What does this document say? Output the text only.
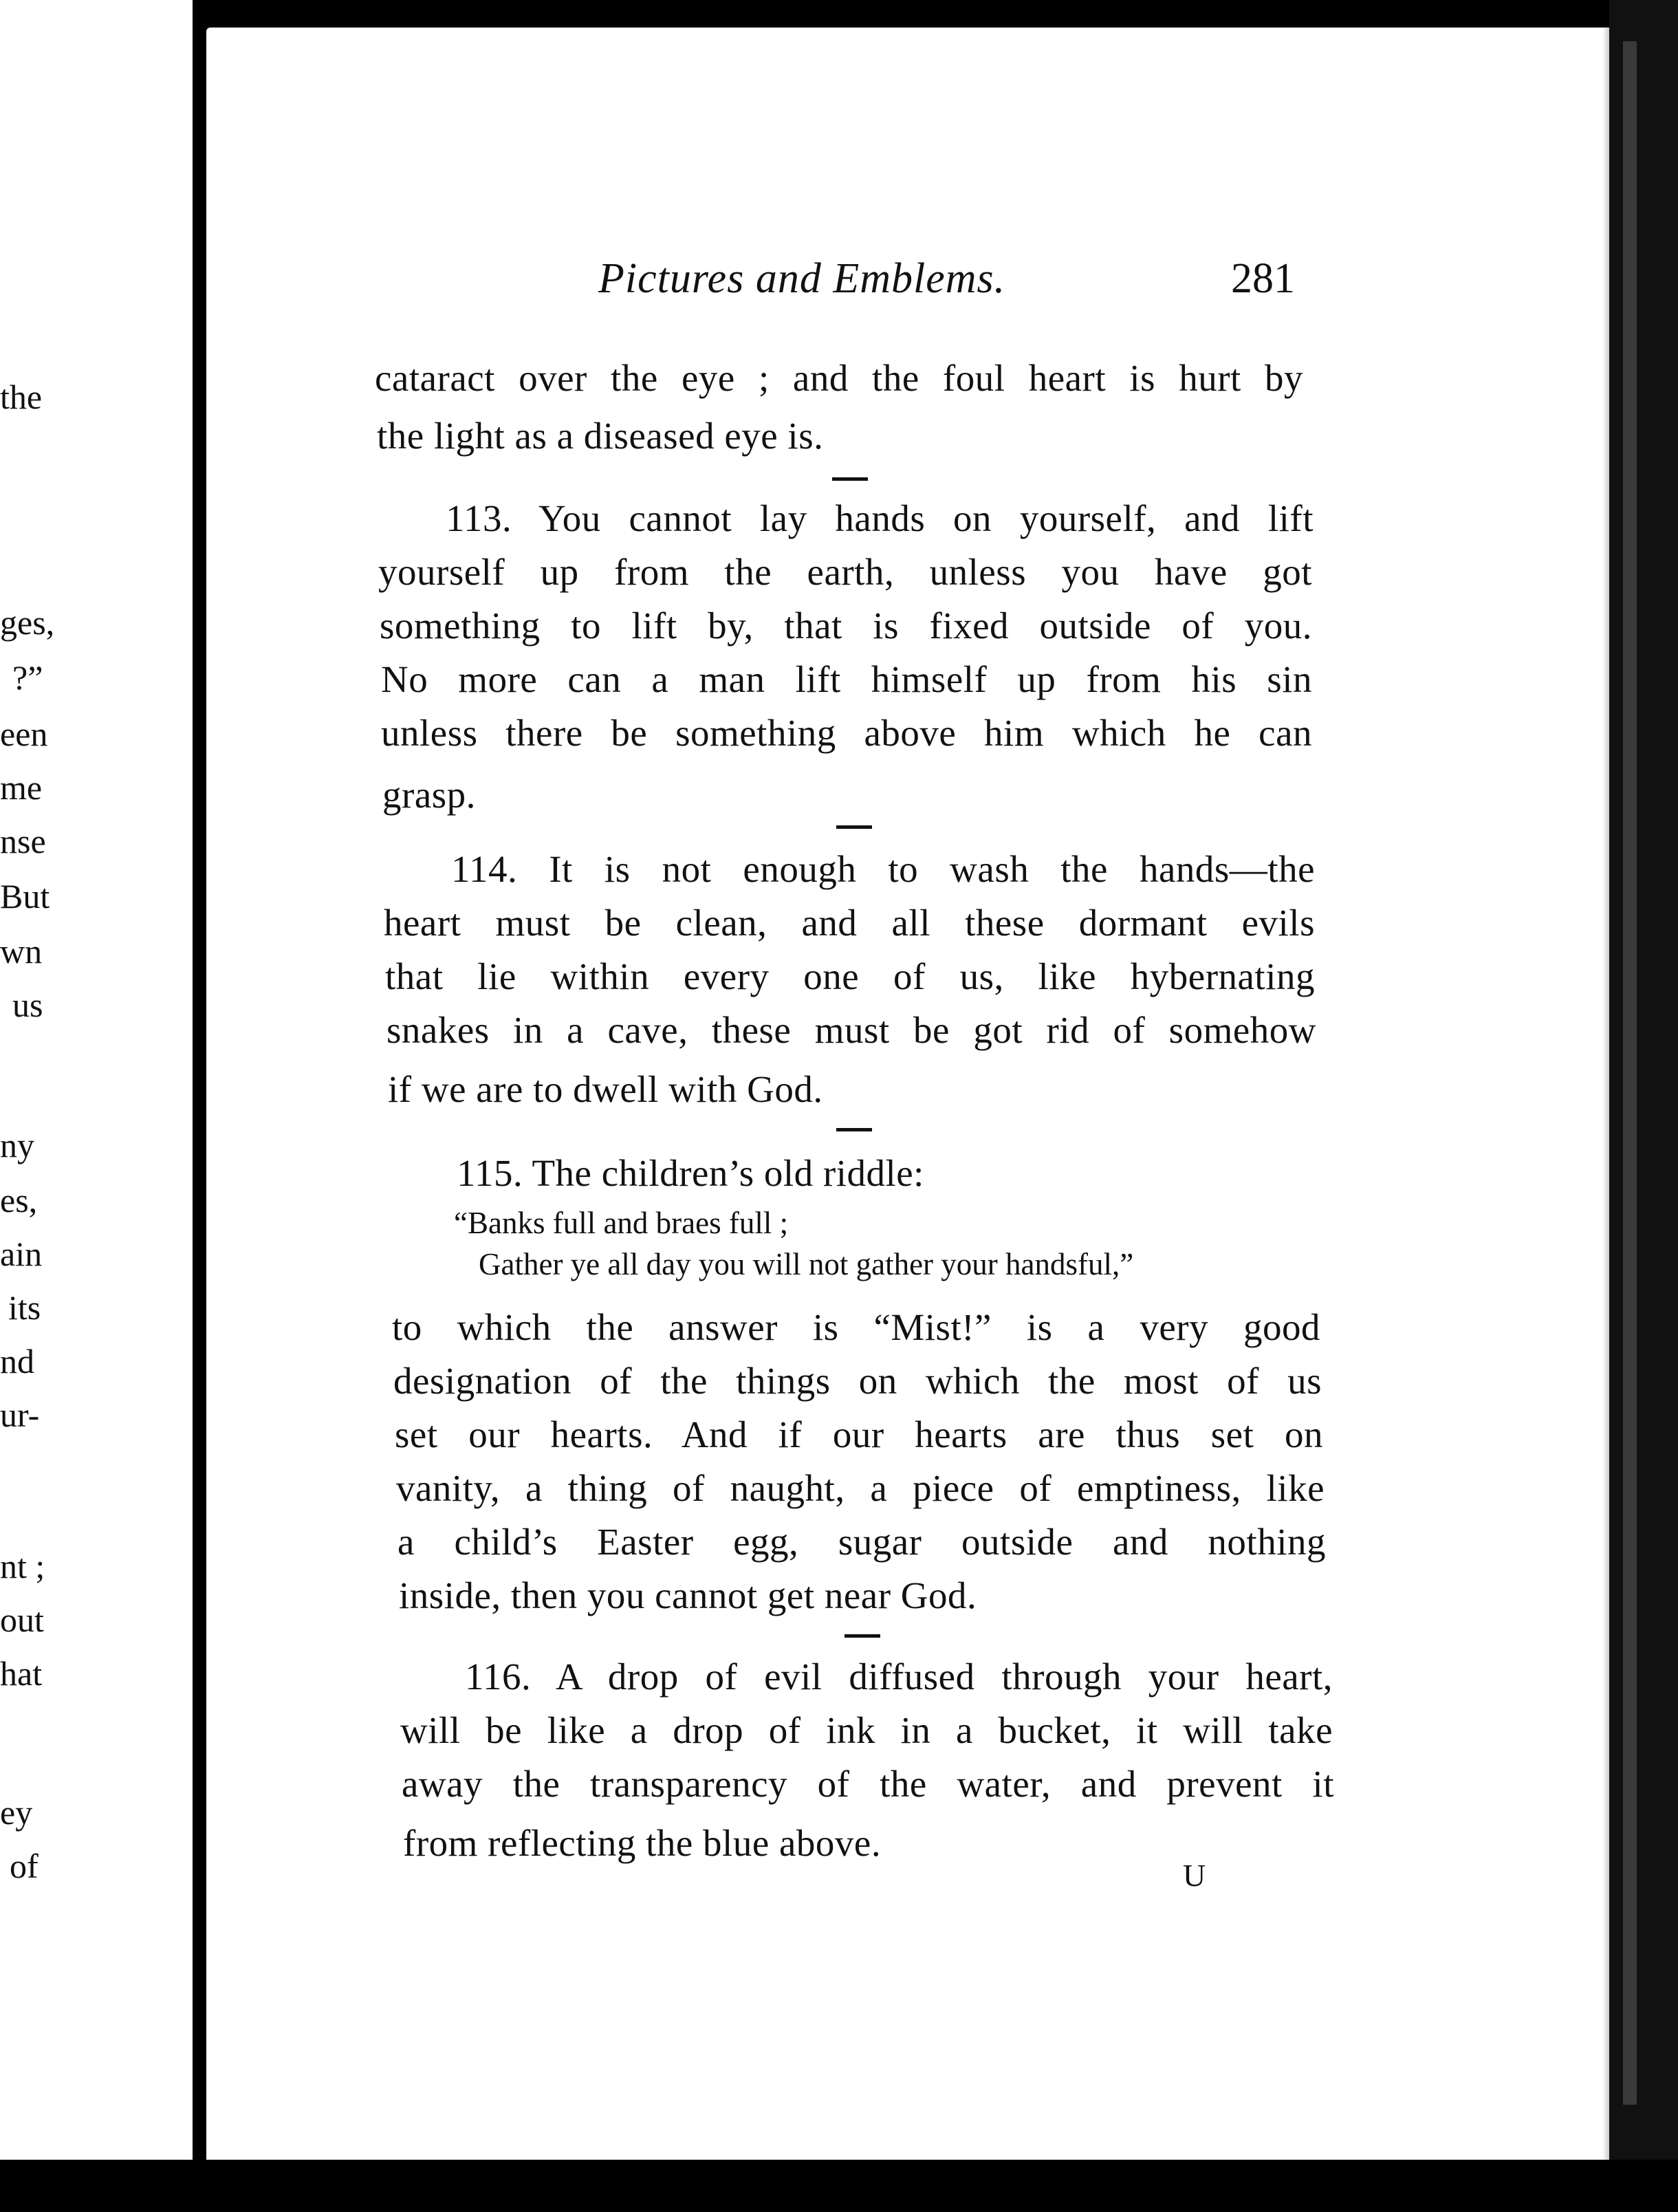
the
ges,
?”
een
me
nse
But
wn
us
ny
es,
ain
its
nd
ur-
nt ;
out
hat
ey
of
Pictures and Emblems.	281
cataract over the eye ; and the foul heart is hurt by
the light as a diseased eye is.
113. You cannot lay hands on yourself, and lift
yourself up from the earth, unless you have got
something to lift by, that is fixed outside of you.
No more can a man lift himself up from his sin
unless there be something above him which he can
grasp.
114. It is not enough to wash the hands—the
heart must be clean, and all these dormant evils
that lie within every one of us, like hybernating
snakes in a cave, these must be got rid of somehow
if we are to dwell with God.
115. The children’s old riddle:
“Banks full and braes full ;
Gather ye all day you will not gather your handsful,”
to which the answer is “Mist!” is a very good
designation of the things on which the most of us
set our hearts. And if our hearts are thus set on
vanity, a thing of naught, a piece of emptiness, like
a child’s Easter egg, sugar outside and nothing
inside, then you cannot get near God.
116. A drop of evil diffused through your heart,
will be like a drop of ink in a bucket, it will take
away the transparency of the water, and prevent it
from reflecting the blue above.
U
